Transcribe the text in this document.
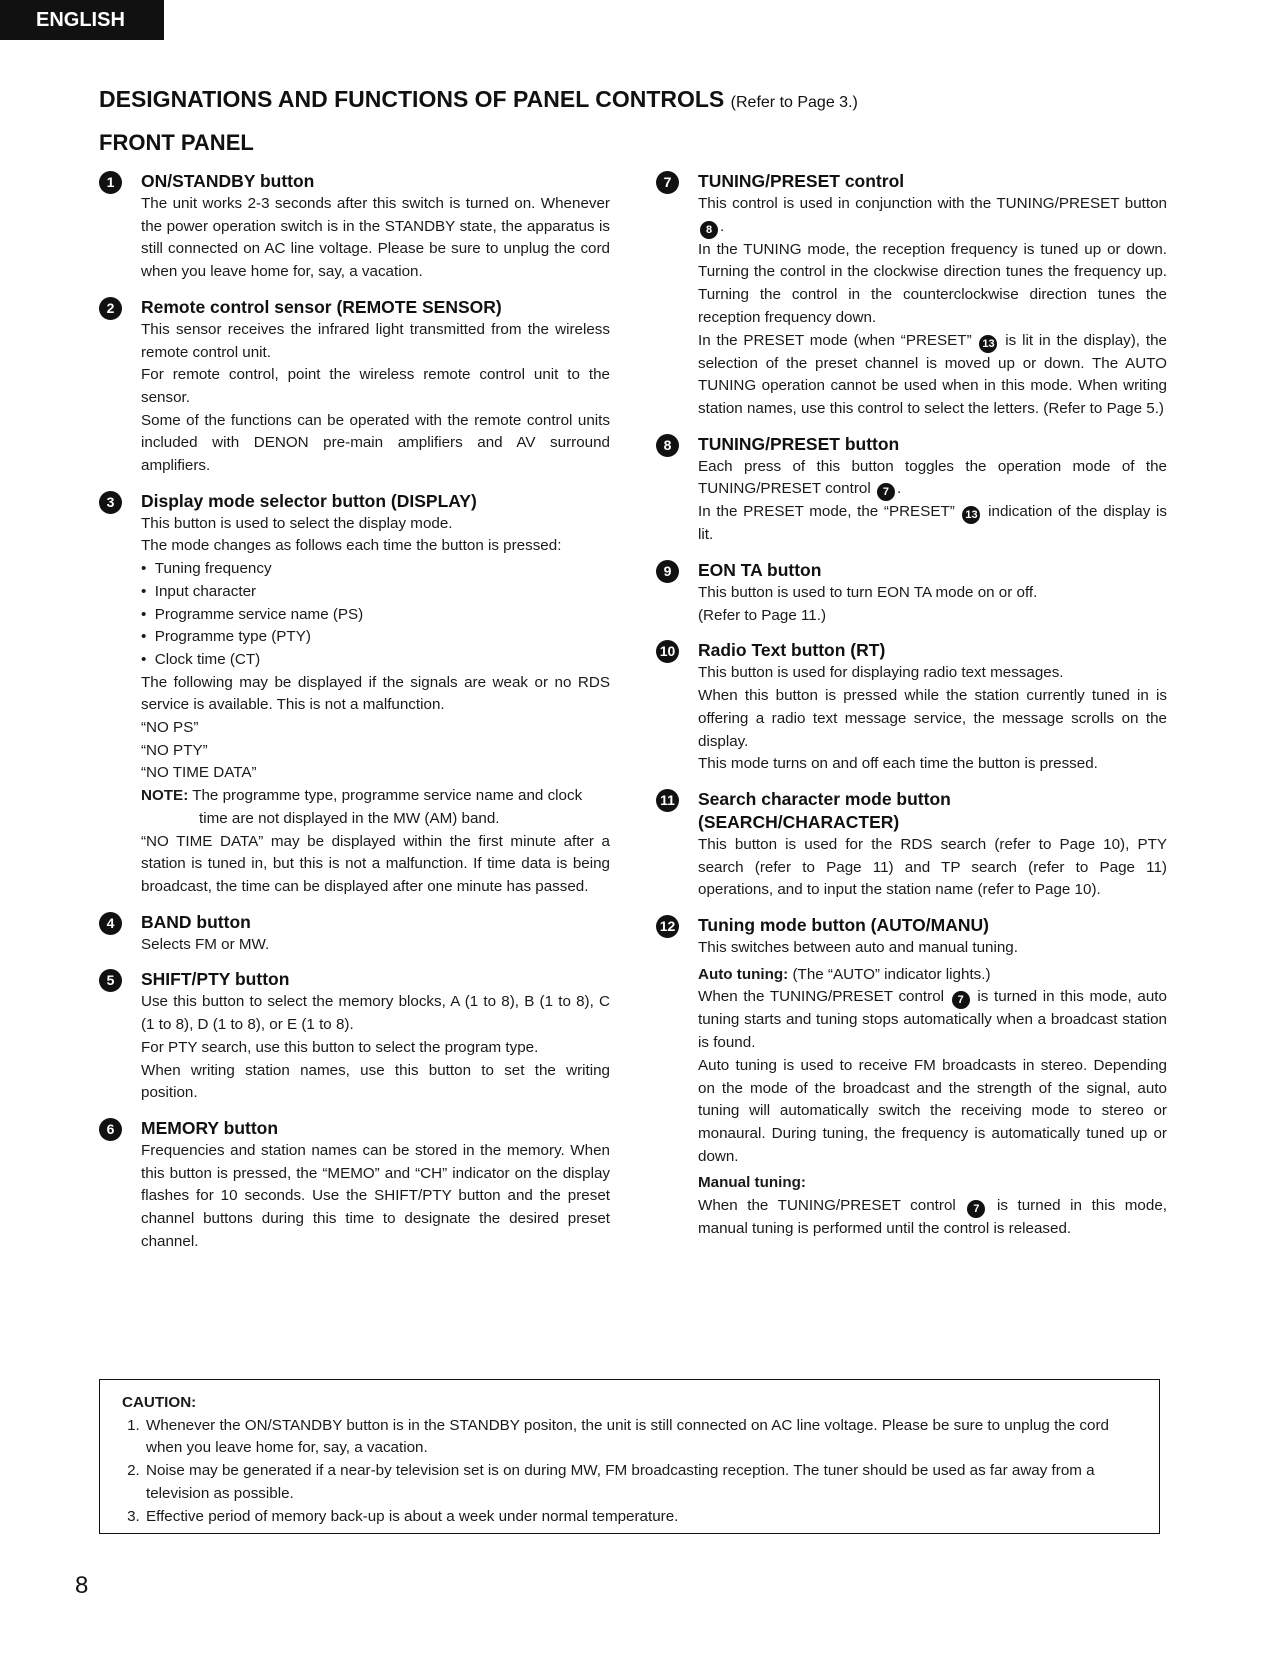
ENGLISH
DESIGNATIONS AND FUNCTIONS OF PANEL CONTROLS (Refer to Page 3.)
FRONT PANEL
1	ON/STANDBY button

The unit works 2-3 seconds after this switch is turned on. Whenever the power operation switch is in the STANDBY state, the apparatus is still connected on AC line voltage. Please be sure to unplug the cord when you leave home for, say, a vacation.

2	Remote control sensor (REMOTE SENSOR)

This sensor receives the infrared light transmitted from the wireless remote control unit.

For remote control, point the wireless remote control unit to the sensor.

Some of the functions can be operated with the remote control units included with DENON pre-main amplifiers and AV surround amplifiers.

3	Display mode selector button (DISPLAY)

This button is used to select the display mode.

The mode changes as follows each time the button is pressed:

•  Tuning frequency

•  Input character

•  Programme service name (PS)

•  Programme type (PTY)

•  Clock time (CT)

The following may be displayed if the signals are weak or no RDS service is available. This is not a malfunction.

“NO PS”

“NO PTY”

“NO TIME DATA”

NOTE: The programme type, programme service name and clock time are not displayed in the MW (AM) band.

“NO TIME DATA” may be displayed within the first minute after a station is tuned in, but this is not a malfunction. If time data is being broadcast, the time can be displayed after one minute has passed.

4	BAND button

Selects FM or MW.

5	SHIFT/PTY button

Use this button to select the memory blocks, A (1 to 8), B (1 to 8), C (1 to 8), D (1 to 8), or E (1 to 8).

For PTY search, use this button to select the program type.

When writing station names, use this button to set the writing position.

6	MEMORY button

Frequencies and station names can be stored in the memory. When this button is pressed, the “MEMO” and “CH” indicator on the display flashes for 10 seconds. Use the SHIFT/PTY button and the preset channel buttons during this time to designate the desired preset channel.

7	TUNING/PRESET control

This control is used in conjunction with the TUNING/PRESET button 8 .

In the TUNING mode, the reception frequency is tuned up or down. Turning the control in the clockwise direction tunes the frequency up. Turning the control in the counterclockwise direction tunes the reception frequency down.

In the PRESET mode (when “PRESET” 13 is lit in the display), the selection of the preset channel is moved up or down. The AUTO TUNING operation cannot be used when in this mode. When writing station names, use this control to select the letters. (Refer to Page 5.)

8	TUNING/PRESET button

Each press of this button toggles the operation mode of the TUNING/PRESET control 7 .

In the PRESET mode, the “PRESET” 13 indication of the display is lit.

9	EON TA button

This button is used to turn EON TA mode on or off.

(Refer to Page 11.)

10 Radio Text button (RT)

This button is used for displaying radio text messages.

When this button is pressed while the station currently tuned in is offering a radio text message service, the message scrolls on the display.

This mode turns on and off each time the button is pressed.

11 Search character mode button
(SEARCH/CHARACTER)

This button is used for the RDS search (refer to Page 10), PTY search (refer to Page 11) and TP search (refer to Page 11) operations, and to input the station name (refer to Page 10).

12 Tuning mode button (AUTO/MANU)

This switches between auto and manual tuning.

Auto tuning: (The “AUTO” indicator lights.)

When the TUNING/PRESET control 7 is turned in this mode, auto tuning starts and tuning stops automatically when a broadcast station is found.

Auto tuning is used to receive FM broadcasts in stereo. Depending on the mode of the broadcast and the strength of the signal, auto tuning will automatically switch the receiving mode to stereo or monaural. During tuning, the frequency is automatically tuned up or down.

Manual tuning:

When the TUNING/PRESET control 7 is turned in this mode, manual tuning is performed until the control is released.

CAUTION:
1. Whenever the ON/STANDBY button is in the STANDBY positon, the unit is still connected on AC line voltage. Please be sure to unplug the cord when you leave home for, say, a vacation.
2. Noise may be generated if a near-by television set is on during MW, FM broadcasting reception. The tuner should be used as far away from a television as possible.
3. Effective period of memory back-up is about a week under normal temperature.
8
